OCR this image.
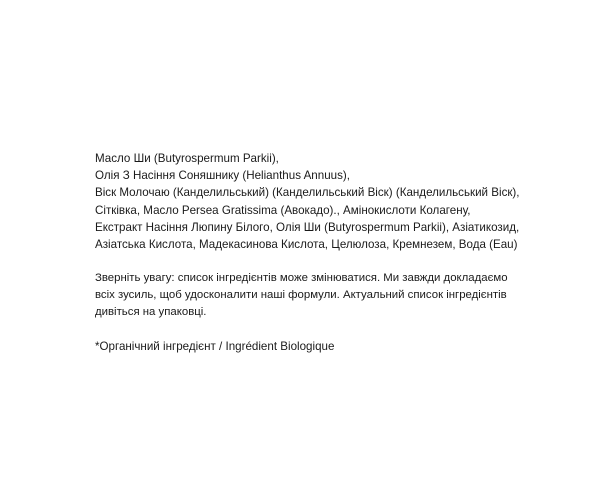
Масло Ши (Butyrospermum Parkii),

Олія З Насіння Соняшнику (Helianthus Annuus),

Віск Молочаю (Канделильський) (Канделильський Віск) (Канделильський Віск),

Сітківка, Масло Persea Gratissima (Авокадо)., Амінокислоти Колагену,

Екстракт Насіння Люпину Білого, Олія Ши (Butyrospermum Parkii), Азіатикозид,

Азіатська Кислота, Мадекасинова Кислота, Целюлоза, Кремнезем, Вода (Eau)

Зверніть увагу: список інгредієнтів може змінюватися. Ми завжди докладаємо

всіх зусиль, щоб удосконалити наші формули. Актуальний список інгредієнтів

дивіться на упаковці.

*Органічний інгредієнт / Ingrédient Biologique
